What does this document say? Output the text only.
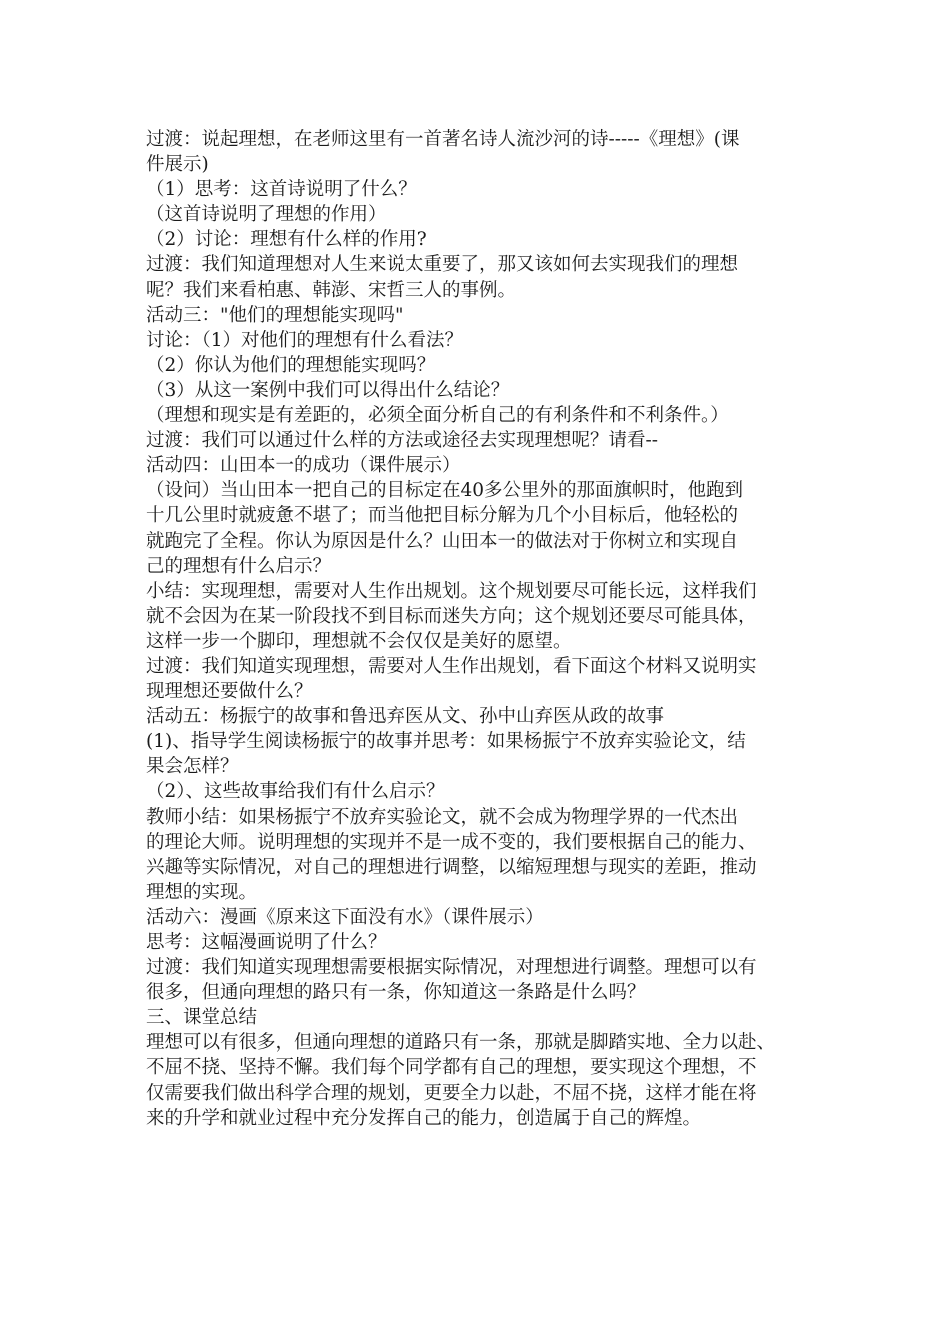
过渡：说起理想，在老师这里有一首著名诗人流沙河的诗-----《理想》(课

件展示)

（1）思考：这首诗说明了什么？

（这首诗说明了理想的作用）

（2）讨论：理想有什么样的作用?

过渡：我们知道理想对人生来说太重要了，那又该如何去实现我们的理想

呢？我们来看柏惠、韩澎、宋哲三人的事例。

活动三："他们的理想能实现吗"

讨论：（1）对他们的理想有什么看法？

（2）你认为他们的理想能实现吗？

（3）从这一案例中我们可以得出什么结论？

（理想和现实是有差距的，必须全面分析自己的有利条件和不利条件。）

过渡：我们可以通过什么样的方法或途径去实现理想呢？请看--

活动四：山田本一的成功（课件展示）

（设问）当山田本一把自己的目标定在40多公里外的那面旗帜时，他跑到

十几公里时就疲惫不堪了；而当他把目标分解为几个小目标后，他轻松的

就跑完了全程。你认为原因是什么？山田本一的做法对于你树立和实现自

己的理想有什么启示？

小结：实现理想，需要对人生作出规划。这个规划要尽可能长远，这样我们

就不会因为在某一阶段找不到目标而迷失方向；这个规划还要尽可能具体，

这样一步一个脚印，理想就不会仅仅是美好的愿望。

过渡：我们知道实现理想，需要对人生作出规划，看下面这个材料又说明实

现理想还要做什么？

活动五：杨振宁的故事和鲁迅弃医从文、孙中山弃医从政的故事

(1)、指导学生阅读杨振宁的故事并思考：如果杨振宁不放弃实验论文，结

果会怎样？

（2）、这些故事给我们有什么启示？

教师小结：如果杨振宁不放弃实验论文，就不会成为物理学界的一代杰出

的理论大师。说明理想的实现并不是一成不变的，我们要根据自己的能力、

兴趣等实际情况，对自己的理想进行调整，以缩短理想与现实的差距，推动

理想的实现。

活动六：漫画《原来这下面没有水》（课件展示）

思考：这幅漫画说明了什么？

过渡：我们知道实现理想需要根据实际情况，对理想进行调整。理想可以有

很多，但通向理想的路只有一条，你知道这一条路是什么吗？

三、课堂总结

理想可以有很多，但通向理想的道路只有一条，那就是脚踏实地、全力以赴、

不屈不挠、坚持不懈。我们每个同学都有自己的理想，要实现这个理想，不

仅需要我们做出科学合理的规划，更要全力以赴，不屈不挠，这样才能在将

来的升学和就业过程中充分发挥自己的能力，创造属于自己的辉煌。
